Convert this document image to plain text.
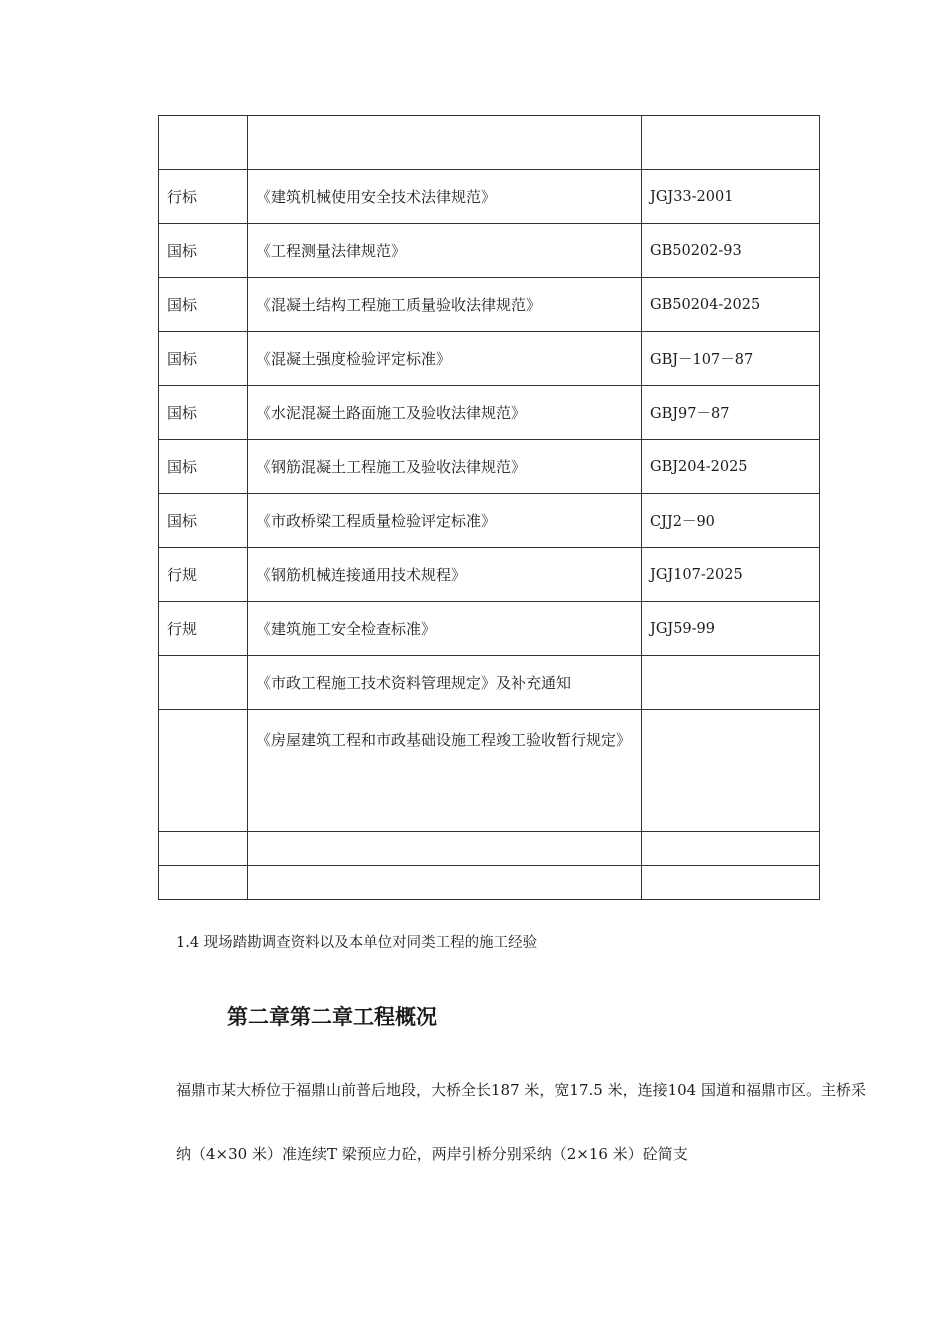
行标	《建筑机械使用安全技术法律规范》	JGJ33-2001
国标	《工程测量法律规范》	GB50202-93
国标	《混凝土结构工程施工质量验收法律规范》	GB50204-2025
国标	《混凝土强度检验评定标准》	GBJ－107－87
国标	《水泥混凝土路面施工及验收法律规范》	GBJ97－87
国标	《钢筋混凝土工程施工及验收法律规范》	GBJ204-2025
国标	《市政桥梁工程质量检验评定标准》	CJJ2－90
行规	《钢筋机械连接通用技术规程》	JGJ107-2025
行规	《建筑施工安全检查标准》	JGJ59-99
	《市政工程施工技术资料管理规定》及补充通知	
	《房屋建筑工程和市政基础设施工程竣工验收暂行规定》	

1.4 现场踏勘调查资料以及本单位对同类工程的施工经验
第二章第二章工程概况
福鼎市某大桥位于福鼎山前普后地段，大桥全长187 米，宽17.5 米，连接104 国道和福鼎市区。主桥采纳（4×30 米）准连续T 梁预应力砼，两岸引桥分别采纳（2×16 米）砼简支
